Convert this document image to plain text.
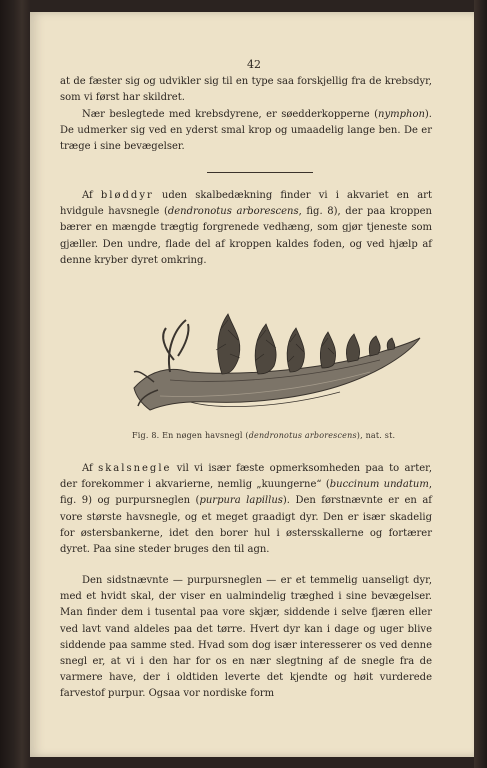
42

at de fæster sig og udvikler sig til en type saa forskjellig fra de krebsdyr, som vi først har skildret.

Nær beslegtede med krebsdyrene, er søedderkopperne (nymphon). De udmerker sig ved en yderst smal krop og umaadelig lange ben. De er træge i sine bevægelser.

Af bløddyr uden skalbedækning finder vi i akvariet en art hvidgule havsnegle (dendronotus arborescens, fig. 8), der paa kroppen bærer en mængde trægtig forgrenede vedhæng, som gjør tjeneste som gjæller. Den undre, flade del af kroppen kaldes foden, og ved hjælp af denne kryber dyret omkring.

Fig. 8. En nøgen havsnegl (dendronotus arborescens), nat. st.

Af skalsnegle vil vi især fæste opmerksomheden paa to arter, der forekommer i akvarierne, nemlig „kuungerne“ (buccinum undatum, fig. 9) og purpursneglen (purpura lapillus). Den førstnævnte er en af vore største havsnegle, og et meget graadigt dyr. Den er især skadelig for østersbankerne, idet den borer hul i østersskallerne og fortærer dyret. Paa sine steder bruges den til agn.

Den sidstnævnte — purpursneglen — er et temmelig uanseligt dyr, med et hvidt skal, der viser en ualmindelig træghed i sine bevægelser. Man finder dem i tusental paa vore skjær, siddende i selve fjæren eller ved lavt vand aldeles paa det tørre. Hvert dyr kan i dage og uger blive siddende paa samme sted. Hvad som dog især interesserer os ved denne snegl er, at vi i den har for os en nær slegtning af de snegle fra de varmere have, der i oldtiden leverte det kjendte og høit vurderede farvestof purpur. Ogsaa vor nordiske form
